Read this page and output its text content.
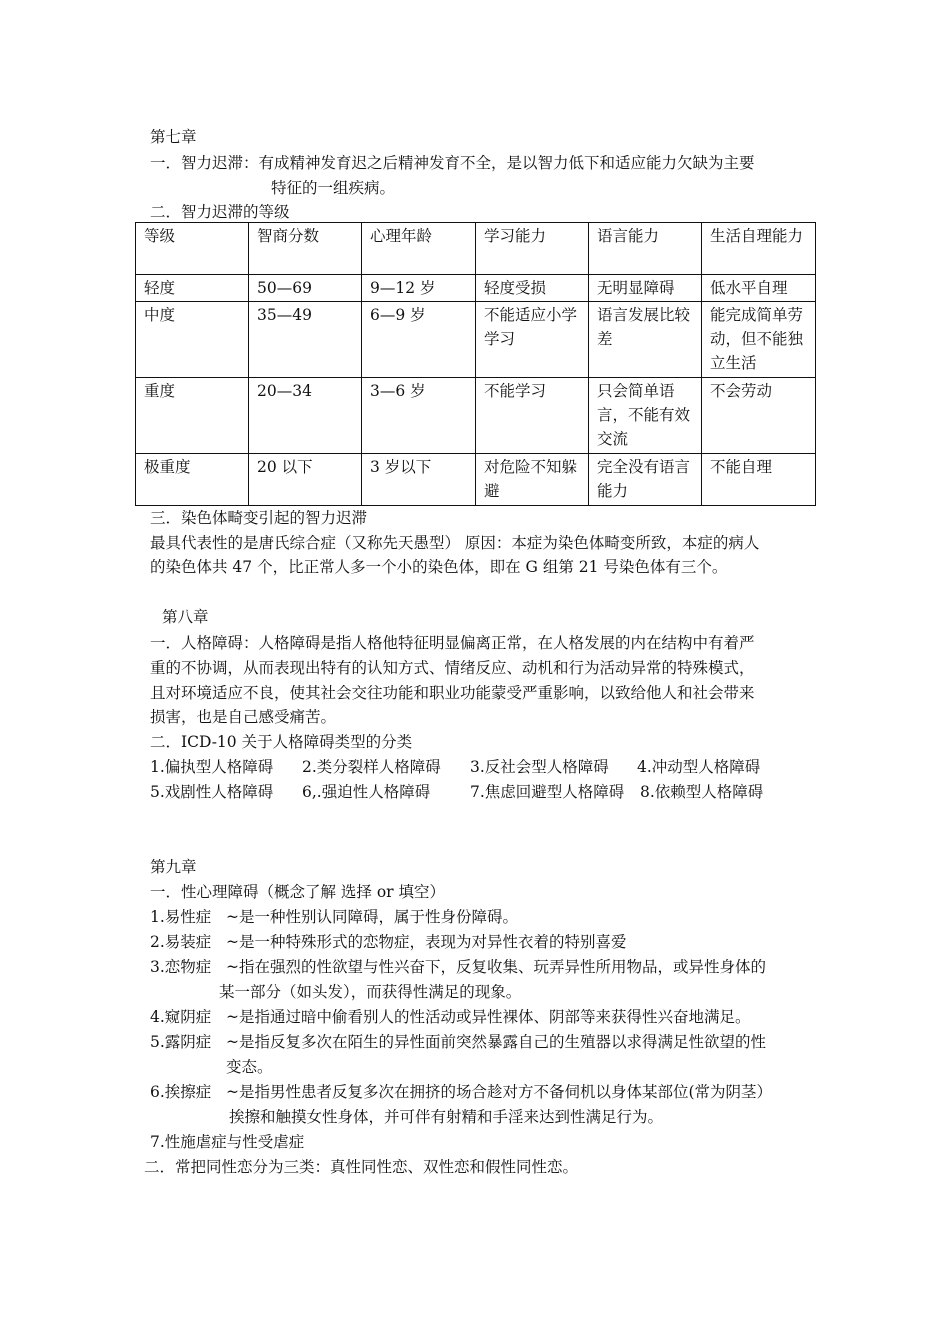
第七章
一．智力迟滞：有成精神发育迟之后精神发育不全，是以智力低下和适应能力欠缺为主要
特征的一组疾病。
二．智力迟滞的等级
等级	智商分数	心理年龄	学习能力	语言能力	生活自理能力
轻度	50—69	9—12 岁	轻度受损	无明显障碍	低水平自理
中度	35—49	6—9 岁	不能适应小学学习	语言发展比较差	能完成简单劳动，但不能独立生活
重度	20—34	3—6 岁	不能学习	只会简单语言，不能有效交流	不会劳动
极重度	20 以下	3 岁以下	对危险不知躲避	完全没有语言能力	不能自理
三．染色体畸变引起的智力迟滞
最具代表性的是唐氏综合症（又称先天愚型） 原因：本症为染色体畸变所致，本症的病人
的染色体共 47 个，比正常人多一个小的染色体，即在 G 组第 21 号染色体有三个。
第八章
一．人格障碍：人格障碍是指人格他特征明显偏离正常，在人格发展的内在结构中有着严
重的不协调，从而表现出特有的认知方式、情绪反应、动机和行为活动异常的特殊模式，
且对环境适应不良，使其社会交往功能和职业功能蒙受严重影响，以致给他人和社会带来
损害，也是自己感受痛苦。
二．ICD-10 关于人格障碍类型的分类
1.偏执型人格障碍 2.类分裂样人格障碍 3.反社会型人格障碍 4.冲动型人格障碍
5.戏剧性人格障碍 6,.强迫性人格障碍	7.焦虑回避型人格障碍 8.依赖型人格障碍
第九章
一．性心理障碍（概念了解 选择 or 填空）
1.易性症 ~是一种性别认同障碍，属于性身份障碍。
2.易装症 ~是一种特殊形式的恋物症，表现为对异性衣着的特别喜爱
3.恋物症 ~指在强烈的性欲望与性兴奋下，反复收集、玩弄异性所用物品，或异性身体的
某一部分（如头发），而获得性满足的现象。
4.窥阴症 ~是指通过暗中偷看别人的性活动或异性裸体、阴部等来获得性兴奋地满足。
5.露阴症 ~是指反复多次在陌生的异性面前突然暴露自己的生殖器以求得满足性欲望的性
变态。
6.挨擦症 ~是指男性患者反复多次在拥挤的场合趁对方不备伺机以身体某部位(常为阴茎）
挨擦和触摸女性身体，并可伴有射精和手淫来达到性满足行为。
7.性施虐症与性受虐症
二．常把同性恋分为三类：真性同性恋、双性恋和假性同性恋。
